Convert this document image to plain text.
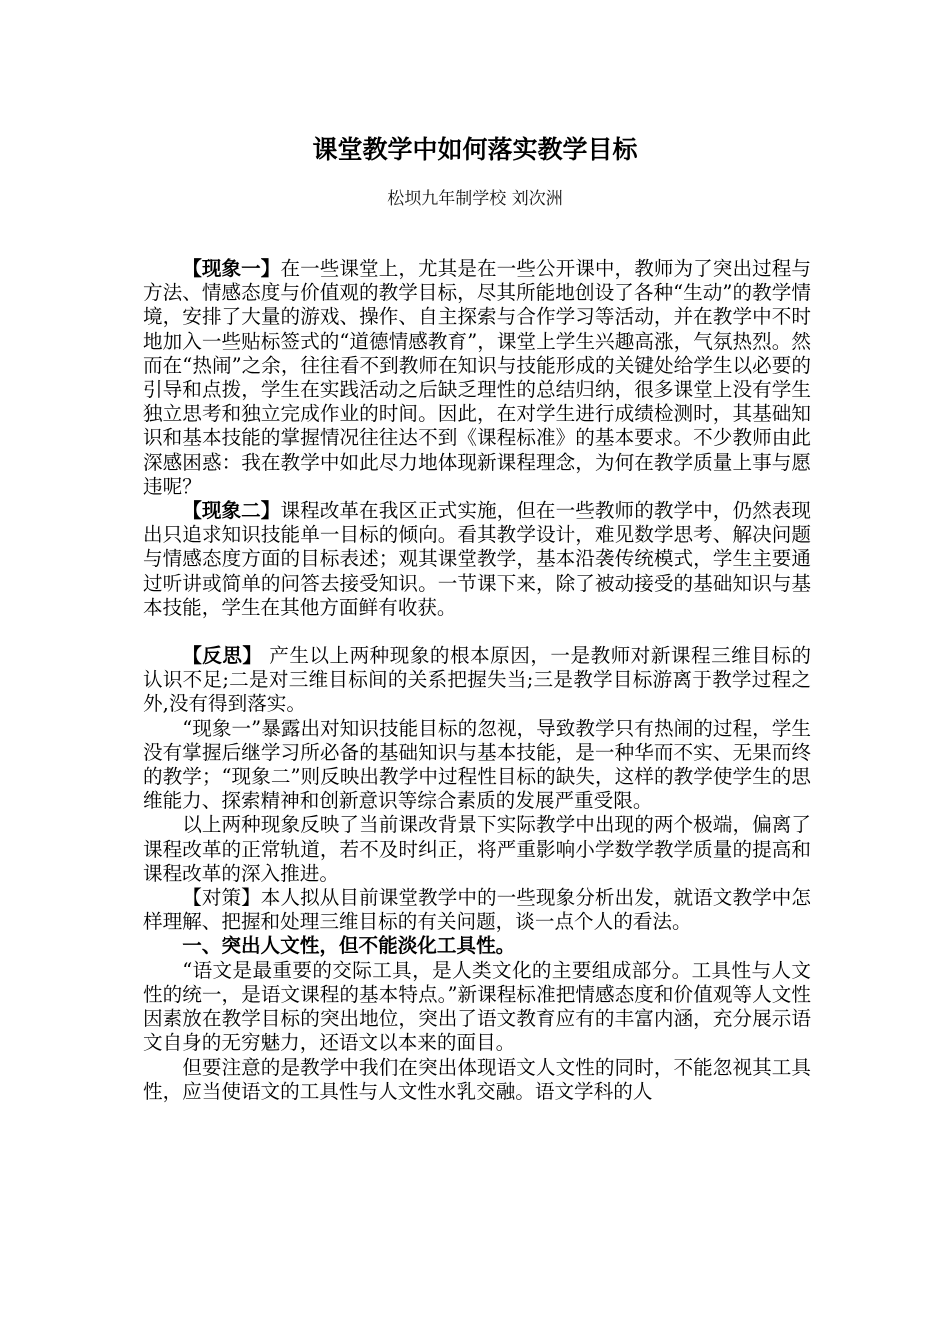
课堂教学中如何落实教学目标
松坝九年制学校 刘次洲

【现象一】在一些课堂上，尤其是在一些公开课中，教师为了突出过程与方法、情感态度与价值观的教学目标，尽其所能地创设了各种“生动”的教学情境，安排了大量的游戏、操作、自主探索与合作学习等活动，并在教学中不时地加入一些贴标签式的“道德情感教育”，课堂上学生兴趣高涨，气氛热烈。然而在“热闹”之余，往往看不到教师在知识与技能形成的关键处给学生以必要的引导和点拨，学生在实践活动之后缺乏理性的总结归纳，很多课堂上没有学生独立思考和独立完成作业的时间。因此，在对学生进行成绩检测时，其基础知识和基本技能的掌握情况往往达不到《课程标准》的基本要求。不少教师由此深感困惑：我在教学中如此尽力地体现新课程理念，为何在教学质量上事与愿违呢？

【现象二】课程改革在我区正式实施，但在一些教师的教学中，仍然表现出只追求知识技能单一目标的倾向。看其教学设计，难见数学思考、解决问题与情感态度方面的目标表述；观其课堂教学，基本沿袭传统模式，学生主要通过听讲或简单的问答去接受知识。一节课下来，除了被动接受的基础知识与基本技能，学生在其他方面鲜有收获。

【反思】 产生以上两种现象的根本原因，一是教师对新课程三维目标的认识不足;二是对三维目标间的关系把握失当;三是教学目标游离于教学过程之外,没有得到落实。

“现象一”暴露出对知识技能目标的忽视，导致教学只有热闹的过程，学生没有掌握后继学习所必备的基础知识与基本技能，是一种华而不实、无果而终的教学；“现象二”则反映出教学中过程性目标的缺失，这样的教学使学生的思维能力、探索精神和创新意识等综合素质的发展严重受限。

以上两种现象反映了当前课改背景下实际教学中出现的两个极端，偏离了课程改革的正常轨道，若不及时纠正，将严重影响小学数学教学质量的提高和课程改革的深入推进。

【对策】本人拟从目前课堂教学中的一些现象分析出发，就语文教学中怎样理解、把握和处理三维目标的有关问题，谈一点个人的看法。

一、突出人文性，但不能淡化工具性。

“语文是最重要的交际工具，是人类文化的主要组成部分。工具性与人文性的统一，是语文课程的基本特点。”新课程标准把情感态度和价值观等人文性因素放在教学目标的突出地位，突出了语文教育应有的丰富内涵，充分展示语文自身的无穷魅力，还语文以本来的面目。

但要注意的是教学中我们在突出体现语文人文性的同时，不能忽视其工具性，应当使语文的工具性与人文性水乳交融。语文学科的人
